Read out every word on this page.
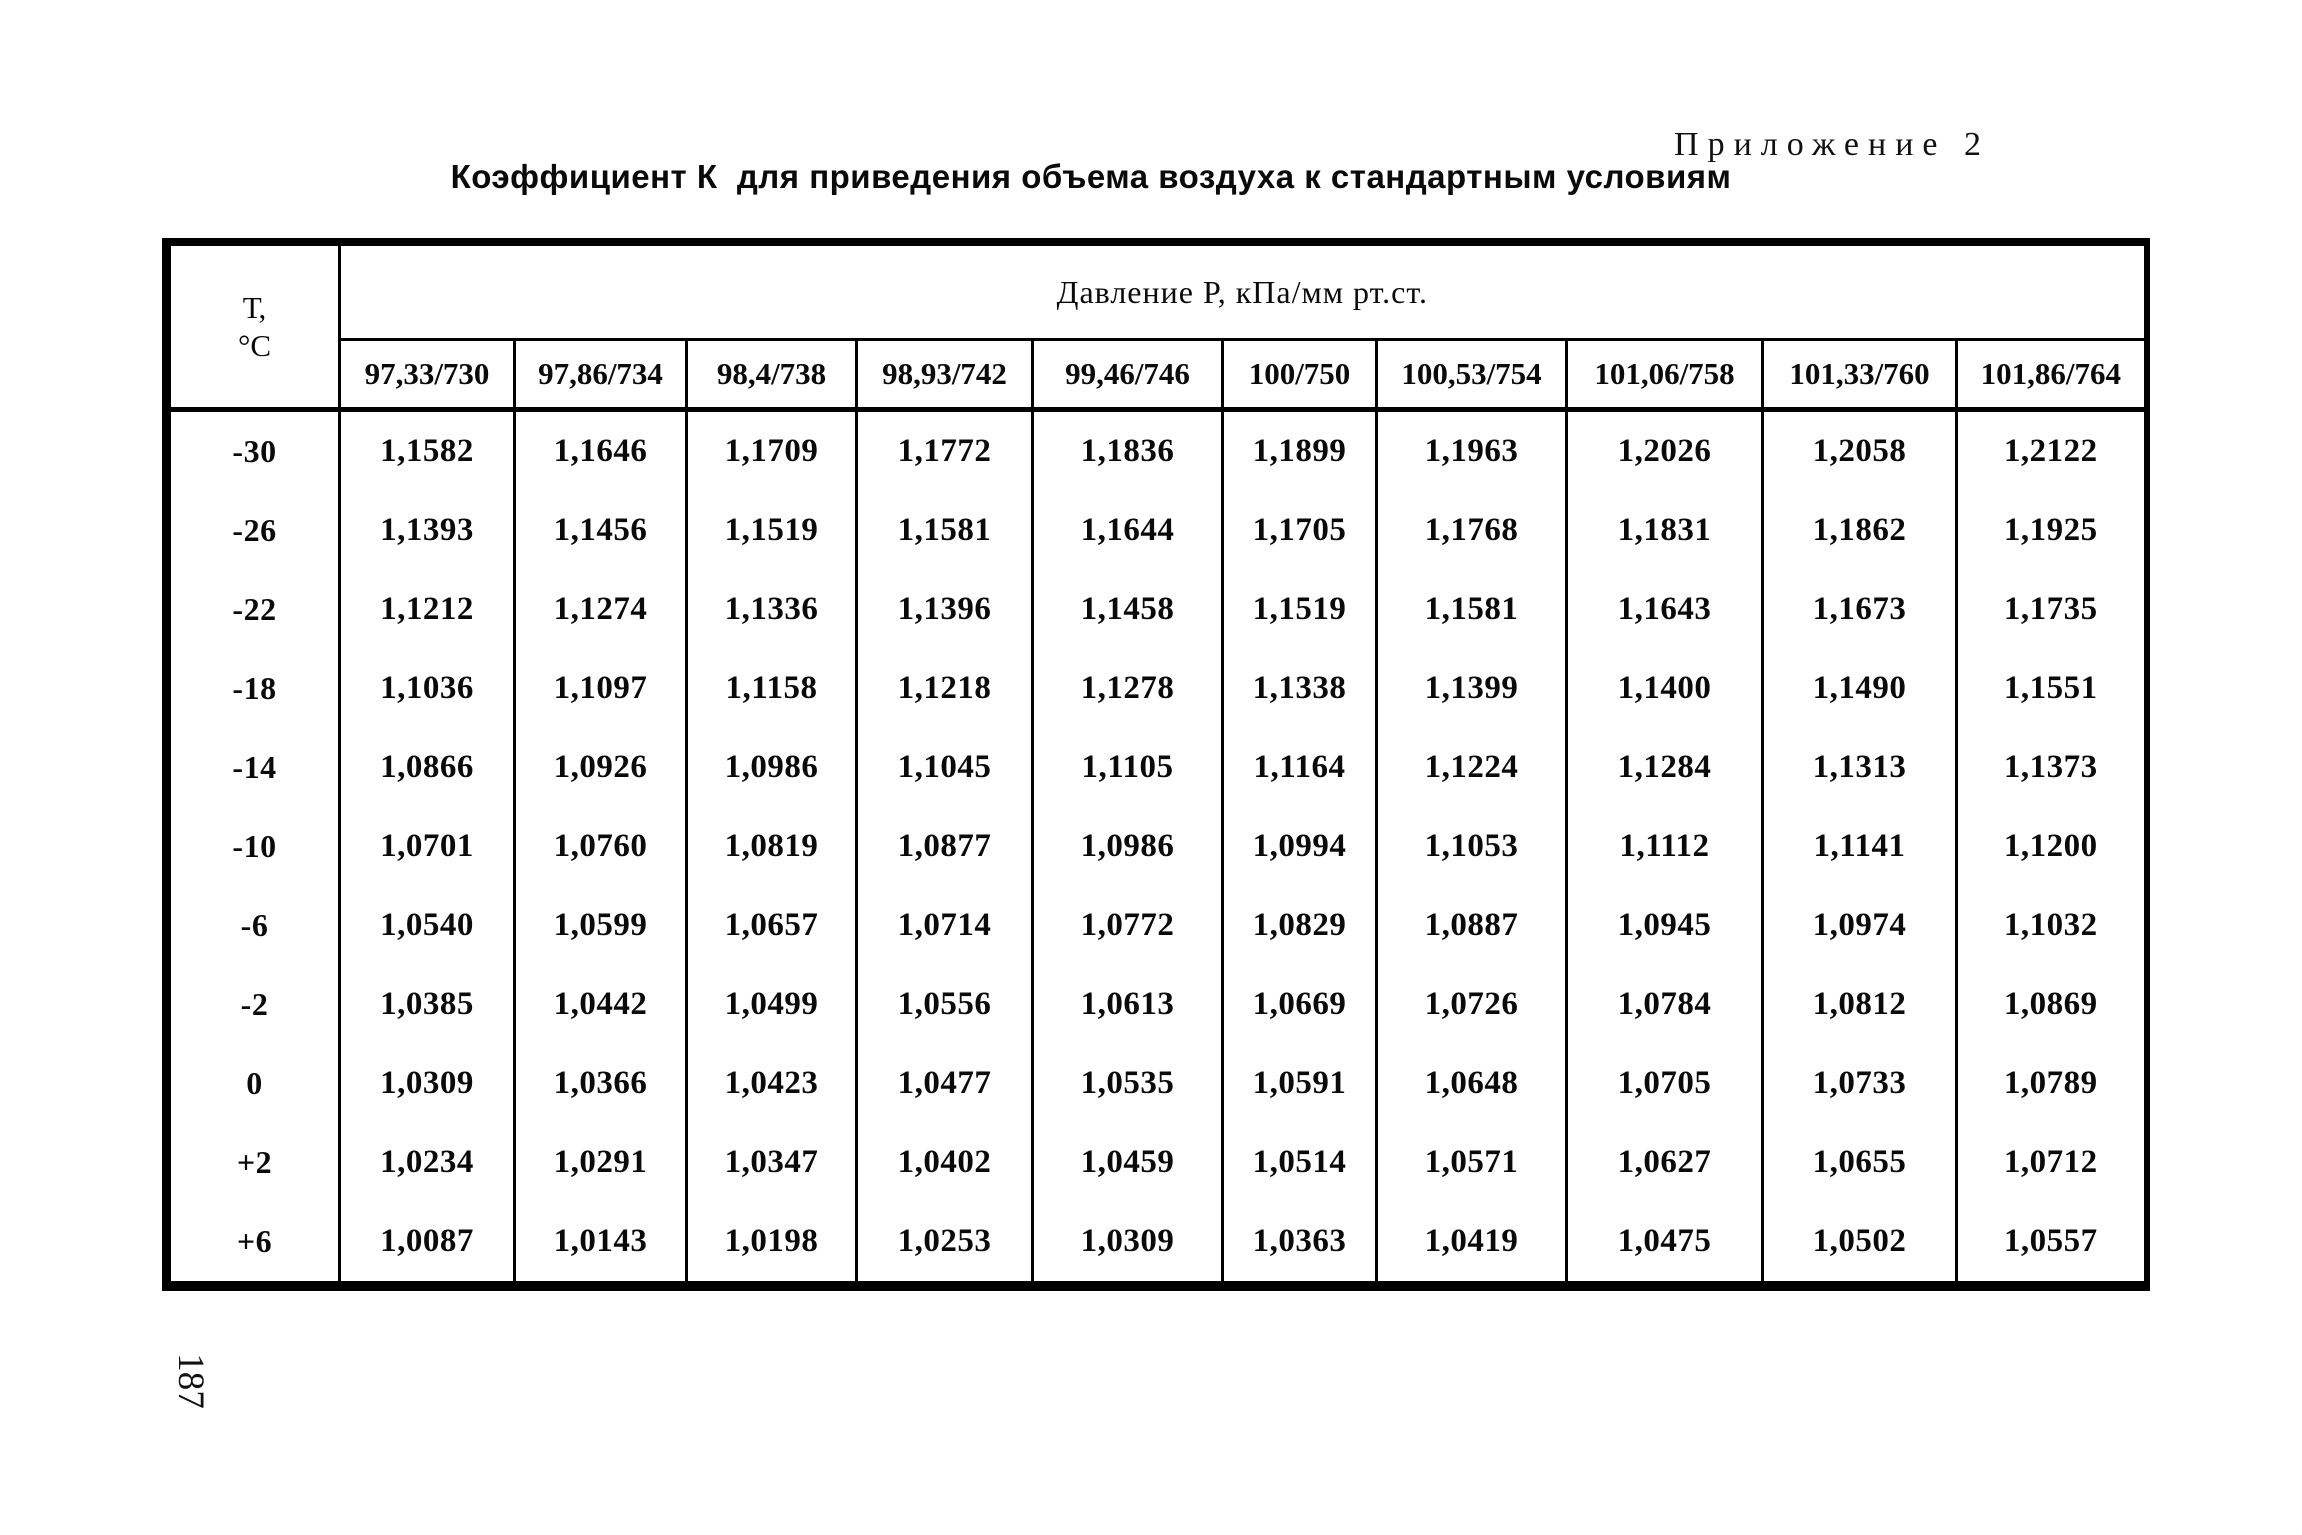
Приложение 2
Коэффициент К  для приведения объема воздуха к стандартным условиям
Т,
°С	Давление Р, кПа/мм рт.ст.									
	97,33/730	97,86/734	98,4/738	98,93/742	99,46/746	100/750	100,53/754	101,06/758	101,33/760	101,86/764
-30	1,1582	1,1646	1,1709	1,1772	1,1836	1,1899	1,1963	1,2026	1,2058	1,2122
-26	1,1393	1,1456	1,1519	1,1581	1,1644	1,1705	1,1768	1,1831	1,1862	1,1925
-22	1,1212	1,1274	1,1336	1,1396	1,1458	1,1519	1,1581	1,1643	1,1673	1,1735
-18	1,1036	1,1097	1,1158	1,1218	1,1278	1,1338	1,1399	1,1400	1,1490	1,1551
-14	1,0866	1,0926	1,0986	1,1045	1,1105	1,1164	1,1224	1,1284	1,1313	1,1373
-10	1,0701	1,0760	1,0819	1,0877	1,0986	1,0994	1,1053	1,1112	1,1141	1,1200
-6	1,0540	1,0599	1,0657	1,0714	1,0772	1,0829	1,0887	1,0945	1,0974	1,1032
-2	1,0385	1,0442	1,0499	1,0556	1,0613	1,0669	1,0726	1,0784	1,0812	1,0869
0	1,0309	1,0366	1,0423	1,0477	1,0535	1,0591	1,0648	1,0705	1,0733	1,0789
+2	1,0234	1,0291	1,0347	1,0402	1,0459	1,0514	1,0571	1,0627	1,0655	1,0712
+6	1,0087	1,0143	1,0198	1,0253	1,0309	1,0363	1,0419	1,0475	1,0502	1,0557
187
